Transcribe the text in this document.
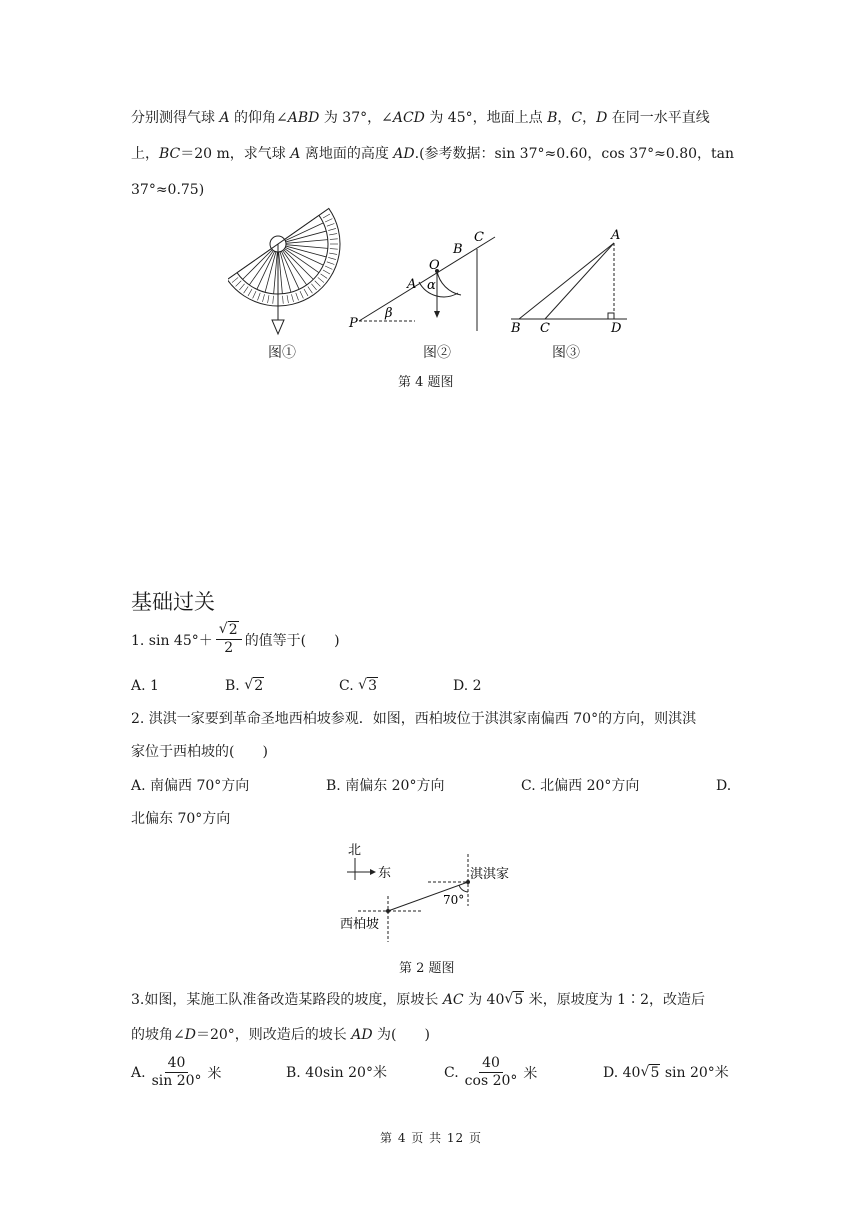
分别测得气球 A 的仰角∠ABD 为 37°，∠ACD 为 45°，地面上点 B，C，D 在同一水平直线
上，BC＝20 m，求气球 A 离地面的高度 AD.(参考数据：sin 37°≈0.60，cos 37°≈0.80，tan
37°≈0.75)
图①
A
O
B
C
P
α
β
图②
A
B C	D
图③
第 4 题图
基础过关
1. sin 45°＋ √ $\frac{2}{2}$ 的值等于(　　)
A. 1	B. √ 2	C. √ 3	D. 2
2. 淇淇一家要到革命圣地西柏坡参观．如图，西柏坡位于淇淇家南偏西 70°的方向，则淇淇
家位于西柏坡的(　　)
A. 南偏西 70°方向	B. 南偏东 20°方向	C. 北偏西 20°方向	D.
北偏东 70°方向
北
东	淇淇家
西柏坡
70°
第 2 题图
3.如图，某施工队准备改造某路段的坡度，原坡长 AC 为 40 √ 5 米，原坡度为 1∶2，改造后
的坡角∠D＝20°，则改造后的坡长 AD 为(　　)
A. $\frac{40}{\sin 20^\circ}$ 米	B. 40sin 20°米	C. $\frac{40}{\cos 20^\circ}$ 米	D. 40 √ 5 sin 20°米
第 4 页 共 12 页
